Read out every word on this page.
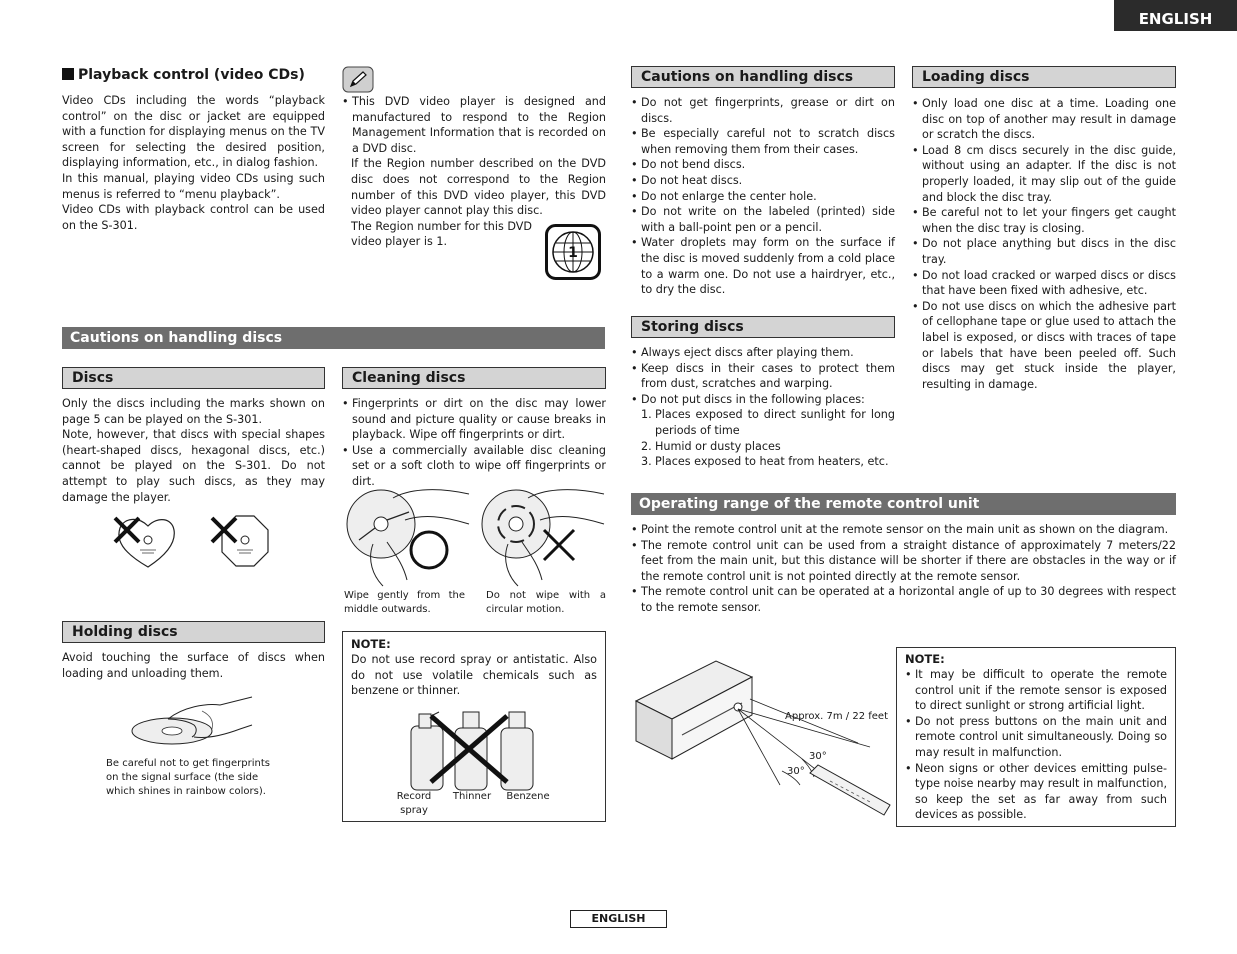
ENGLISH
Playback control (video CDs)

Video CDs including the words “playback control” on the disc or jacket are equipped with a function for displaying menus on the TV screen for selecting the desired position, displaying information, etc., in dialog fashion.

In this manual, playing video CDs using such menus is referred to “menu playback”.

Video CDs with playback control can be used on the S-301.

• This DVD video player is designed and manufactured to respond to the Region Management Information that is recorded on a DVD disc.

If the Region number described on the DVD disc does not correspond to the Region number of this DVD video player, this DVD video player cannot play this disc.

The Region number for this DVD video player is 1.

1
Cautions on handling discs
Discs

Only the discs including the marks shown on page 5 can be played on the S-301.

Note, however, that discs with special shapes (heart-shaped discs, hexagonal discs, etc.) cannot be played on the S-301. Do not attempt to play such discs, as they may damage the player.

Holding discs
Avoid touching the surface of discs when loading and unloading them.
Be careful not to get fingerprints on the signal surface (the side which shines in rainbow colors).
Cleaning discs

• Fingerprints or dirt on the disc may lower sound and picture quality or cause breaks in playback. Wipe off fingerprints or dirt.

• Use a commercially available disc cleaning set or a soft cloth to wipe off fingerprints or dirt.

Wipe gently from the middle outwards.
Do not wipe with a circular motion.
NOTE:
Do not use record spray or antistatic. Also do not use volatile chemicals such as benzene or thinner.
Record spray
Thinner	Benzene
Cautions on handling discs

• Do not get fingerprints, grease or dirt on discs.

• Be especially careful not to scratch discs when removing them from their cases.

• Do not bend discs.

• Do not heat discs.

• Do not enlarge the center hole.

• Do not write on the labeled (printed) side with a ball-point pen or a pencil.

• Water droplets may form on the surface if the disc is moved suddenly from a cold place to a warm one. Do not use a hairdryer, etc., to dry the disc.

Storing discs

• Always eject discs after playing them.

• Keep discs in their cases to protect them from dust, scratches and warping.

• Do not put discs in the following places:

1. Places exposed to direct sunlight for long periods of time

2. Humid or dusty places

3. Places exposed to heat from heaters, etc.

Loading discs

• Only load one disc at a time. Loading one disc on top of another may result in damage or scratch the discs.

• Load 8 cm discs securely in the disc guide, without using an adapter. If the disc is not properly loaded, it may slip out of the guide and block the disc tray.

• Be careful not to let your fingers get caught when the disc tray is closing.

• Do not place anything but discs in the disc tray.

• Do not load cracked or warped discs or discs that have been fixed with adhesive, etc.

• Do not use discs on which the adhesive part of cellophane tape or glue used to attach the label is exposed, or discs with traces of tape or labels that have been peeled off. Such discs may get stuck inside the player, resulting in damage.

Operating range of the remote control unit

• Point the remote control unit at the remote sensor on the main unit as shown on the diagram.

• The remote control unit can be used from a straight distance of approximately 7 meters/22 feet from the main unit, but this distance will be shorter if there are obstacles in the way or if the remote control unit is not pointed directly at the remote sensor.

• The remote control unit can be operated at a horizontal angle of up to 30 degrees with respect to the remote sensor.

Approx. 7m / 22 feet
30°
30°
NOTE:

• It may be difficult to operate the remote control unit if the remote sensor is exposed to direct sunlight or strong artificial light.

• Do not press buttons on the main unit and remote control unit simultaneously. Doing so may result in malfunction.

• Neon signs or other devices emitting pulse-type noise nearby may result in malfunction, so keep the set as far away from such devices as possible.

ENGLISH
